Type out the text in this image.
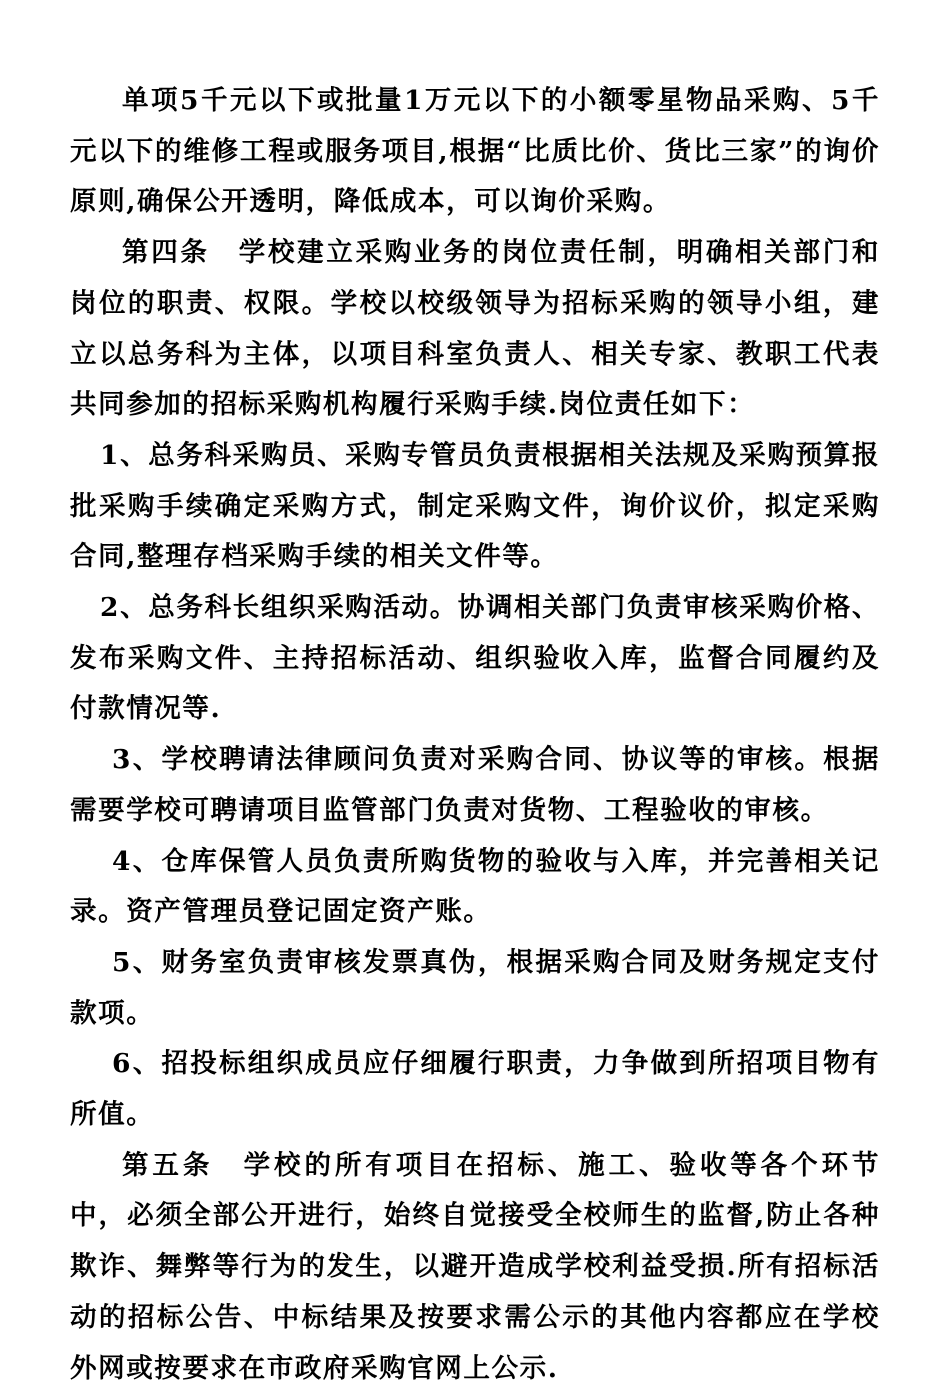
单项5千元以下或批量1万元以下的小额零星物品采购、5千元以下的维修工程或服务项目,根据“比质比价、货比三家”的询价原则,确保公开透明，降低成本，可以询价采购。

第四条　学校建立采购业务的岗位责任制，明确相关部门和岗位的职责、权限。学校以校级领导为招标采购的领导小组，建立以总务科为主体，以项目科室负责人、相关专家、教职工代表共同参加的招标采购机构履行采购手续.岗位责任如下：

1、总务科采购员、采购专管员负责根据相关法规及采购预算报批采购手续确定采购方式，制定采购文件，询价议价，拟定采购合同,整理存档采购手续的相关文件等。

2、总务科长组织采购活动。协调相关部门负责审核采购价格、发布采购文件、主持招标活动、组织验收入库，监督合同履约及付款情况等.

3、学校聘请法律顾问负责对采购合同、协议等的审核。根据需要学校可聘请项目监管部门负责对货物、工程验收的审核。

4、仓库保管人员负责所购货物的验收与入库，并完善相关记录。资产管理员登记固定资产账。

5、财务室负责审核发票真伪，根据采购合同及财务规定支付款项。

6、招投标组织成员应仔细履行职责，力争做到所招项目物有所值。

第五条　学校的所有项目在招标、施工、验收等各个环节中，必须全部公开进行，始终自觉接受全校师生的监督,防止各种欺诈、舞弊等行为的发生，以避开造成学校利益受损.所有招标活动的招标公告、中标结果及按要求需公示的其他内容都应在学校外网或按要求在市政府采购官网上公示.
